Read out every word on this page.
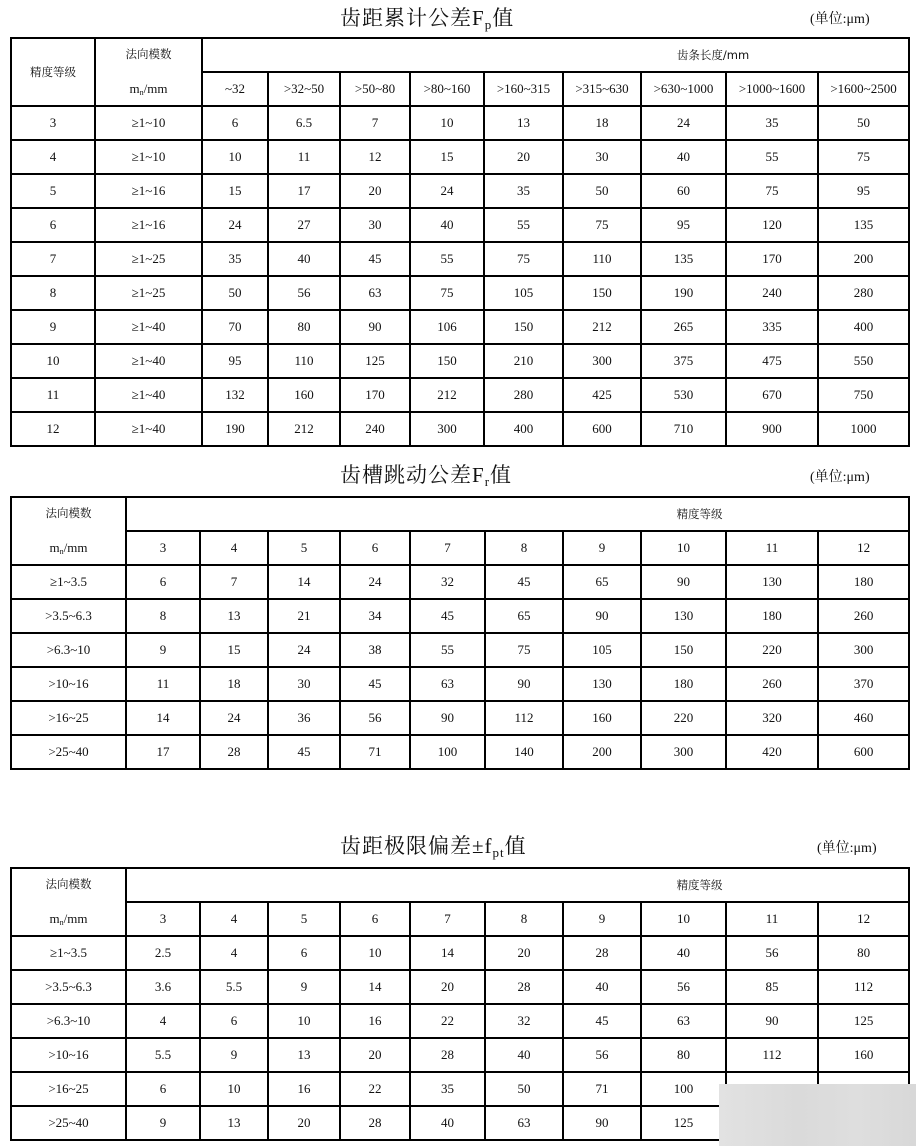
齿距累计公差$F_p$值	(单位:μm)
精度等级	法向模数
mn/mm	齿条长度/mm								
		~32	>32~50	>50~80	>80~160	>160~315	>315~630	>630~1000	>1000~1600	>1600~2500
3	≥1~10	6	6.5	7	10	13	18	24	35	50
4	≥1~10	10	11	12	15	20	30	40	55	75
5	≥1~16	15	17	20	24	35	50	60	75	95
6	≥1~16	24	27	30	40	55	75	95	120	135
7	≥1~25	35	40	45	55	75	110	135	170	200
8	≥1~25	50	56	63	75	105	150	190	240	280
9	≥1~40	70	80	90	106	150	212	265	335	400
10	≥1~40	95	110	125	150	210	300	375	475	550
11	≥1~40	132	160	170	212	280	425	530	670	750
12	≥1~40	190	212	240	300	400	600	710	900	1000
齿槽跳动公差$F_r$值	(单位:μm)
法向模数
mn/mm	精度等级									
	3	4	5	6	7	8	9	10	11	12
≥1~3.5	6	7	14	24	32	45	65	90	130	180
>3.5~6.3	8	13	21	34	45	65	90	130	180	260
>6.3~10	9	15	24	38	55	75	105	150	220	300
>10~16	11	18	30	45	63	90	130	180	260	370
>16~25	14	24	36	56	90	112	160	220	320	460
>25~40	17	28	45	71	100	140	200	300	420	600
齿距极限偏差$\pm f_{pt}$值	(单位:μm)
法向模数
mn/mm	精度等级									
	3	4	5	6	7	8	9	10	11	12
≥1~3.5	2.5	4	6	10	14	20	28	40	56	80
>3.5~6.3	3.6	5.5	9	14	20	28	40	56	85	112
>6.3~10	4	6	10	16	22	32	45	63	90	125
>10~16	5.5	9	13	20	28	40	56	80	112	160
>16~25	6	10	16	22	35	50	71	100		
>25~40	9	13	20	28	40	63	90	125		
